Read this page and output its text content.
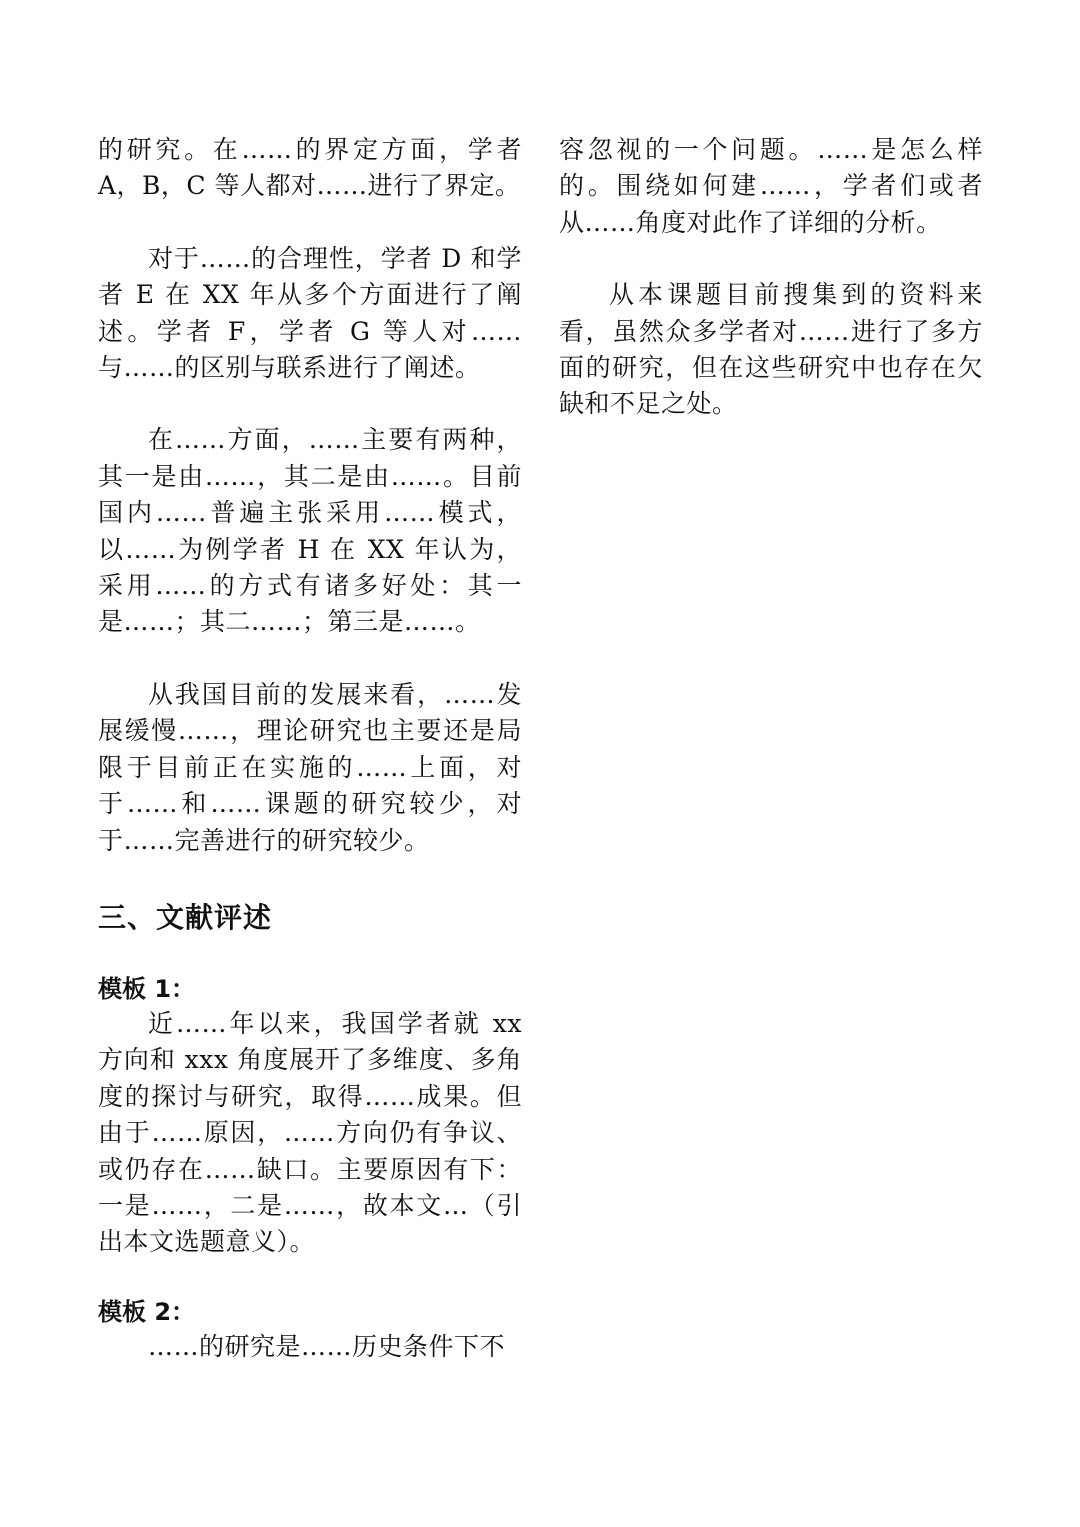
的研究。在……的界定方面，学者 A，B，C 等人都对……进行了界定。

对于……的合理性，学者 D 和学者 E 在 XX 年从多个方面进行了阐述。学者 F，学者 G 等人对……与……的区别与联系进行了阐述。

在……方面，……主要有两种，其一是由……，其二是由……。目前国内……普遍主张采用……模式，以……为例学者 H 在 XX 年认为，采用……的方式有诸多好处：其一是……；其二……；第三是……。

从我国目前的发展来看，……发展缓慢……，理论研究也主要还是局限于目前正在实施的……上面，对于……和……课题的研究较少，对于……完善进行的研究较少。

三、文献评述
模板 1：

近……年以来，我国学者就 xx 方向和 xxx 角度展开了多维度、多角度的探讨与研究，取得……成果。但由于……原因，……方向仍有争议、或仍存在……缺口。主要原因有下：一是……，二是……，故本文…（引出本文选题意义）。

模板 2：

……的研究是……历史条件下不

容忽视的一个问题。……是怎么样的。围绕如何建……，学者们或者从……角度对此作了详细的分析。

从本课题目前搜集到的资料来看，虽然众多学者对……进行了多方面的研究，但在这些研究中也存在欠缺和不足之处。
